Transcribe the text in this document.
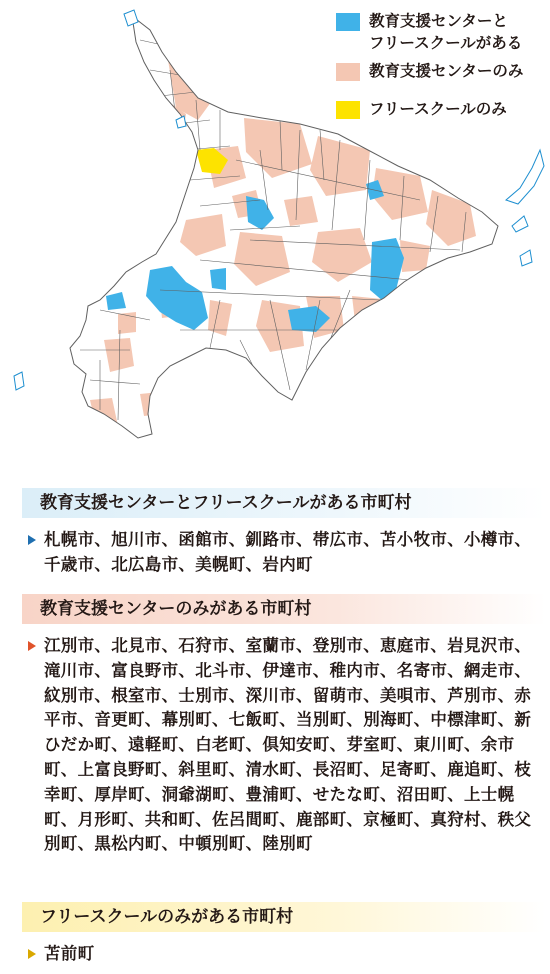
教育支援センターと
フリースクールがある
教育支援センターのみ
フリースクールのみ
教育支援センターとフリースクールがある市町村
札幌市、旭川市、函館市、釧路市、帯広市、苫小牧市、小樽市、千歳市、北広島市、美幌町、岩内町
教育支援センターのみがある市町村
江別市、北見市、石狩市、室蘭市、登別市、恵庭市、岩見沢市、滝川市、富良野市、北斗市、伊達市、稚内市、名寄市、網走市、紋別市、根室市、士別市、深川市、留萌市、美唄市、芦別市、赤平市、音更町、幕別町、七飯町、当別町、別海町、中標津町、新ひだか町、遠軽町、白老町、倶知安町、芽室町、東川町、余市町、上富良野町、斜里町、清水町、長沼町、足寄町、鹿追町、枝幸町、厚岸町、洞爺湖町、豊浦町、せたな町、沼田町、上士幌町、月形町、共和町、佐呂間町、鹿部町、京極町、真狩村、秩父別町、黒松内町、中頓別町、陸別町
フリースクールのみがある市町村
苫前町
